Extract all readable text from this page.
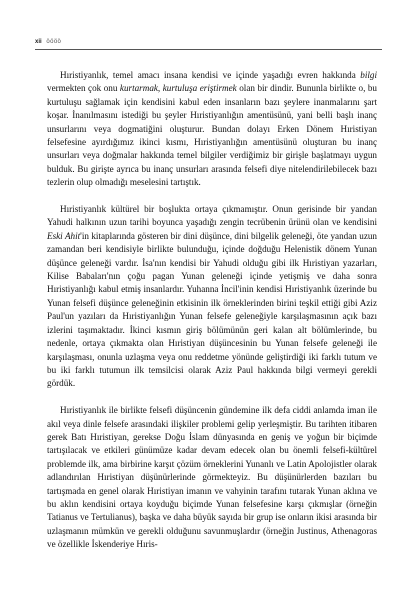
xii öööö

Hıristiyanlık, temel amacı insana kendisi ve içinde yaşadığı evren hakkında bilgi vermekten çok onu kurtarmak, kurtuluşa eriştirmek olan bir dindir. Bununla birlikte o, bu kurtuluşu sağlamak için kendisini kabul eden insanların bazı şeylere inanmalarını şart koşar. İnanılmasını istediği bu şeyler Hıristiyanlığın amentüsünü, yani belli başlı inanç unsurlarını veya dogmatiğini oluşturur. Bundan dolayı Erken Dönem Hıristiyan felsefesine ayırdığımız ikinci kısmı, Hıristiyanlığın amentüsünü oluşturan bu inanç unsurları veya doğmalar hakkında temel bilgiler verdiğimiz bir girişle başlatmayı uygun bulduk. Bu girişte ayrıca bu inanç unsurları arasında felsefi diye nitelendirilebilecek bazı tezlerin olup olmadığı meselesini tartıştık.

Hıristiyanlık kültürel bir boşlukta ortaya çıkmamıştır. Onun gerisinde bir yandan Yahudi halkının uzun tarihi boyunca yaşadığı zengin tecrübenin ürünü olan ve kendisini Eski Ahit'in kitaplarında gösteren bir dini düşünce, dini bilgelik geleneği, öte yandan uzun zamandan beri kendisiyle birlikte bulunduğu, içinde doğduğu Helenistik dönem Yunan düşünce geleneği vardır. İsa'nın kendisi bir Yahudi olduğu gibi ilk Hıristiyan yazarları, Kilise Babaları'nın çoğu pagan Yunan geleneği içinde yetişmiş ve daha sonra Hıristiyanlığı kabul etmiş insanlardır. Yuhanna İncil'inin kendisi Hıristiyanlık üzerinde bu Yunan felsefi düşünce geleneğinin etkisinin ilk örneklerinden birini teşkil ettiği gibi Aziz Paul'un yazıları da Hıristiyanlığın Yunan felsefe geleneğiyle karşılaşmasının açık bazı izlerini taşımaktadır. İkinci kısmın giriş bölümünün geri kalan alt bölümlerinde, bu nedenle, ortaya çıkmakta olan Hıristiyan düşüncesinin bu Yunan felsefe geleneği ile karşılaşması, onunla uzlaşma veya onu reddetme yönünde geliştirdiği iki farklı tutum ve bu iki farklı tutumun ilk temsilcisi olarak Aziz Paul hakkında bilgi vermeyi gerekli gördük.

Hıristiyanlık ile birlikte felsefi düşüncenin gündemine ilk defa ciddi anlamda iman ile akıl veya dinle felsefe arasındaki ilişkiler problemi gelip yerleşmiştir. Bu tarihten itibaren gerek Batı Hıristiyan, gerekse Doğu İslam dünyasında en geniş ve yoğun bir biçimde tartışılacak ve etkileri günümüze kadar devam edecek olan bu önemli felsefi-kültürel problemde ilk, ama birbirine karşıt çözüm örneklerini Yunanlı ve Latin Apolojistler olarak adlandırılan Hıristiyan düşünürlerinde görmekteyiz. Bu düşünürlerden bazıları bu tartışmada en genel olarak Hıristiyan imanın ve vahyinin tarafını tutarak Yunan aklına ve bu aklın kendisini ortaya koyduğu biçimde Yunan felsefesine karşı çıkmışlar (örneğin Tatianus ve Tertulianus), başka ve daha büyük sayıda bir grup ise onların ikisi arasında bir uzlaşmanın mümkün ve gerekli olduğunu savunmuşlardır (örneğin Justinus, Athenagoras ve özellikle İskenderiye Hıris-
